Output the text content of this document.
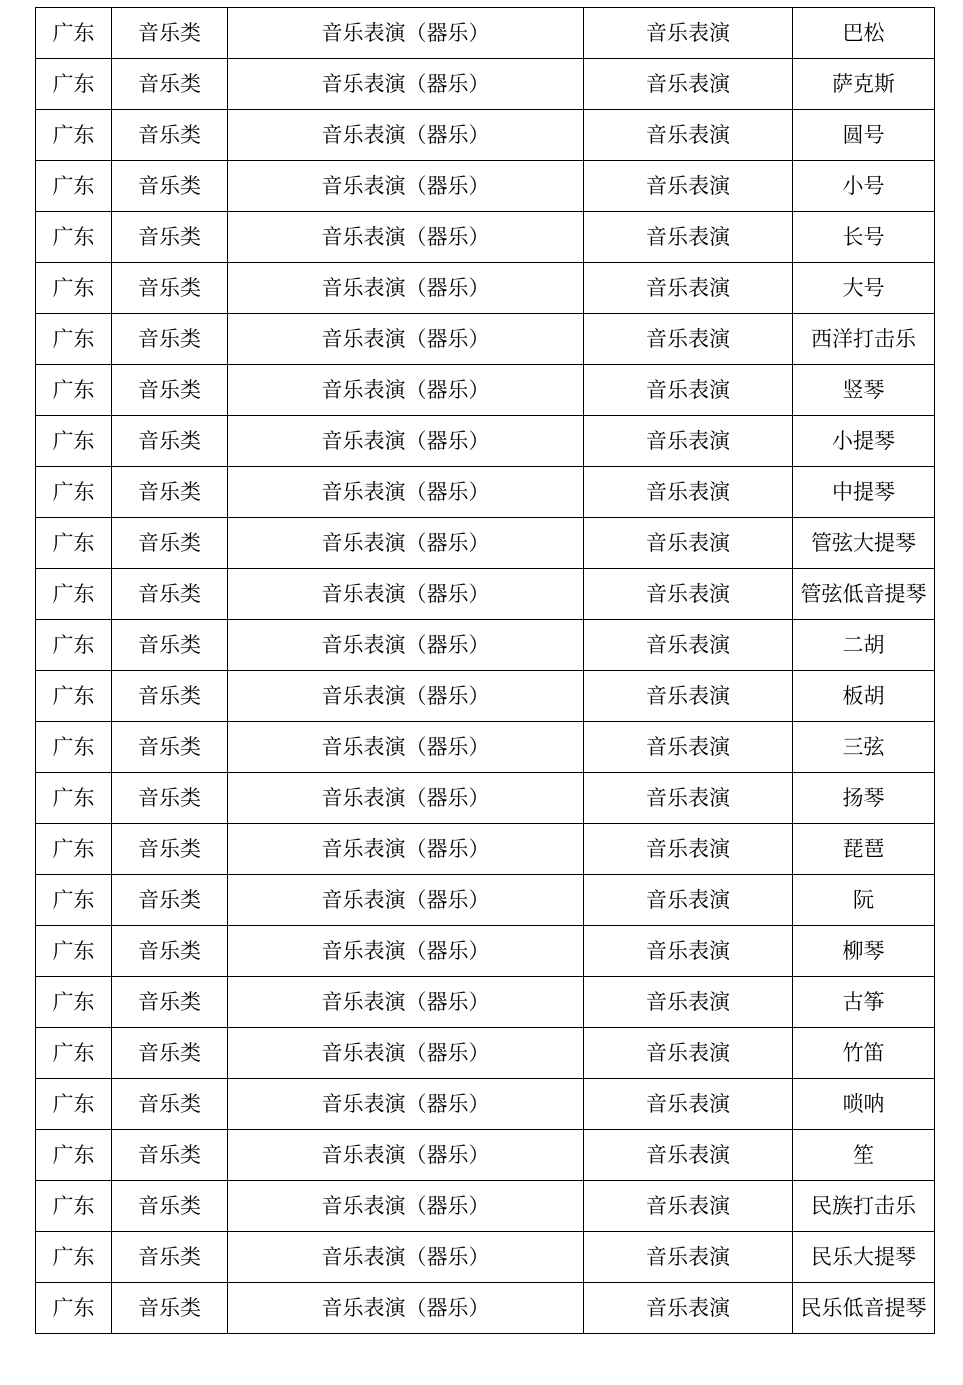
广东	音乐类	音乐表演（器乐）	音乐表演	巴松
广东	音乐类	音乐表演（器乐）	音乐表演	萨克斯
广东	音乐类	音乐表演（器乐）	音乐表演	圆号
广东	音乐类	音乐表演（器乐）	音乐表演	小号
广东	音乐类	音乐表演（器乐）	音乐表演	长号
广东	音乐类	音乐表演（器乐）	音乐表演	大号
广东	音乐类	音乐表演（器乐）	音乐表演	西洋打击乐
广东	音乐类	音乐表演（器乐）	音乐表演	竖琴
广东	音乐类	音乐表演（器乐）	音乐表演	小提琴
广东	音乐类	音乐表演（器乐）	音乐表演	中提琴
广东	音乐类	音乐表演（器乐）	音乐表演	管弦大提琴
广东	音乐类	音乐表演（器乐）	音乐表演	管弦低音提琴
广东	音乐类	音乐表演（器乐）	音乐表演	二胡
广东	音乐类	音乐表演（器乐）	音乐表演	板胡
广东	音乐类	音乐表演（器乐）	音乐表演	三弦
广东	音乐类	音乐表演（器乐）	音乐表演	扬琴
广东	音乐类	音乐表演（器乐）	音乐表演	琵琶
广东	音乐类	音乐表演（器乐）	音乐表演	阮
广东	音乐类	音乐表演（器乐）	音乐表演	柳琴
广东	音乐类	音乐表演（器乐）	音乐表演	古筝
广东	音乐类	音乐表演（器乐）	音乐表演	竹笛
广东	音乐类	音乐表演（器乐）	音乐表演	唢呐
广东	音乐类	音乐表演（器乐）	音乐表演	笙
广东	音乐类	音乐表演（器乐）	音乐表演	民族打击乐
广东	音乐类	音乐表演（器乐）	音乐表演	民乐大提琴
广东	音乐类	音乐表演（器乐）	音乐表演	民乐低音提琴
